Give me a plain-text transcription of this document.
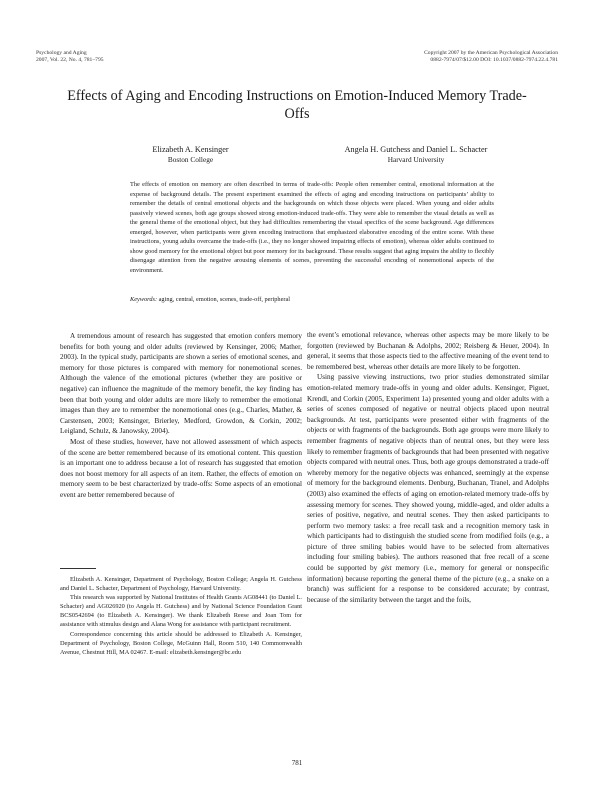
Psychology and Aging
2007, Vol. 22, No. 4, 781–795
Copyright 2007 by the American Psychological Association
0882-7974/07/$12.00 DOI: 10.1037/0882-7974.22.4.781
Effects of Aging and Encoding Instructions on Emotion-Induced Memory Trade-Offs
Elizabeth A. Kensinger
Boston College
Angela H. Gutchess and Daniel L. Schacter
Harvard University

The effects of emotion on memory are often described in terms of trade-offs: People often remember central, emotional information at the expense of background details. The present experiment examined the effects of aging and encoding instructions on participants’ ability to remember the details of central emotional objects and the backgrounds on which those objects were placed. When young and older adults passively viewed scenes, both age groups showed strong emotion-induced trade-offs. They were able to remember the visual details as well as the general theme of the emotional object, but they had difficulties remembering the visual specifics of the scene background. Age differences emerged, however, when participants were given encoding instructions that emphasized elaborative encoding of the entire scene. With these instructions, young adults overcame the trade-offs (i.e., they no longer showed impairing effects of emotion), whereas older adults continued to show good memory for the emotional object but poor memory for its background. These results suggest that aging impairs the ability to flexibly disengage attention from the negative arousing elements of scenes, preventing the successful encoding of nonemotional aspects of the environment.

Keywords: aging, central, emotion, scenes, trade-off, peripheral

A tremendous amount of research has suggested that emotion confers memory benefits for both young and older adults (reviewed by Kensinger, 2006; Mather, 2003). In the typical study, participants are shown a series of emotional scenes, and memory for those pictures is compared with memory for nonemotional scenes. Although the valence of the emotional pictures (whether they are positive or negative) can influence the magnitude of the memory benefit, the key finding has been that both young and older adults are more likely to remember the emotional images than they are to remember the nonemotional ones (e.g., Charles, Mather, & Carstensen, 2003; Kensinger, Brierley, Medford, Growdon, & Corkin, 2002; Leigland, Schulz, & Janowsky, 2004).

Most of these studies, however, have not allowed assessment of which aspects of the scene are better remembered because of its emotional content. This question is an important one to address because a lot of research has suggested that emotion does not boost memory for all aspects of an item. Rather, the effects of emotion on memory seem to be best characterized by trade-offs: Some aspects of an emotional event are better remembered because of

the event’s emotional relevance, whereas other aspects may be more likely to be forgotten (reviewed by Buchanan & Adolphs, 2002; Reisberg & Heuer, 2004). In general, it seems that those aspects tied to the affective meaning of the event tend to be remembered best, whereas other details are more likely to be forgotten.

Using passive viewing instructions, two prior studies demonstrated similar emotion-related memory trade-offs in young and older adults. Kensinger, Piguet, Krendl, and Corkin (2005, Experiment 1a) presented young and older adults with a series of scenes composed of negative or neutral objects placed upon neutral backgrounds. At test, participants were presented either with fragments of the objects or with fragments of the backgrounds. Both age groups were more likely to remember fragments of negative objects than of neutral ones, but they were less likely to remember fragments of backgrounds that had been presented with negative objects compared with neutral ones. Thus, both age groups demonstrated a trade-off whereby memory for the negative objects was enhanced, seemingly at the expense of memory for the background elements. Denburg, Buchanan, Tranel, and Adolphs (2003) also examined the effects of aging on emotion-related memory trade-offs by assessing memory for scenes. They showed young, middle-aged, and older adults a series of positive, negative, and neutral scenes. They then asked participants to perform two memory tasks: a free recall task and a recognition memory task in which participants had to distinguish the studied scene from modified foils (e.g., a picture of three smiling babies would have to be selected from alternatives including four smiling babies). The authors reasoned that free recall of a scene could be supported by gist memory (i.e., memory for general or nonspecific information) because reporting the general theme of the picture (e.g., a snake on a branch) was sufficient for a response to be considered accurate; by contrast, because of the similarity between the target and the foils,

Elizabeth A. Kensinger, Department of Psychology, Boston College; Angela H. Gutchess and Daniel L. Schacter, Department of Psychology, Harvard University.

This research was supported by National Institutes of Health Grants AG08441 (to Daniel L. Schacter) and AG026920 (to Angela H. Gutchess) and by National Science Foundation Grant BCS0542694 (to Elizabeth A. Kensinger). We thank Elizabeth Reese and Joan Tom for assistance with stimulus design and Alana Wong for assistance with participant recruitment.

Correspondence concerning this article should be addressed to Elizabeth A. Kensinger, Department of Psychology, Boston College, McGuinn Hall, Room 510, 140 Commonwealth Avenue, Chestnut Hill, MA 02467. E-mail: elizabeth.kensinger@bc.edu

781
